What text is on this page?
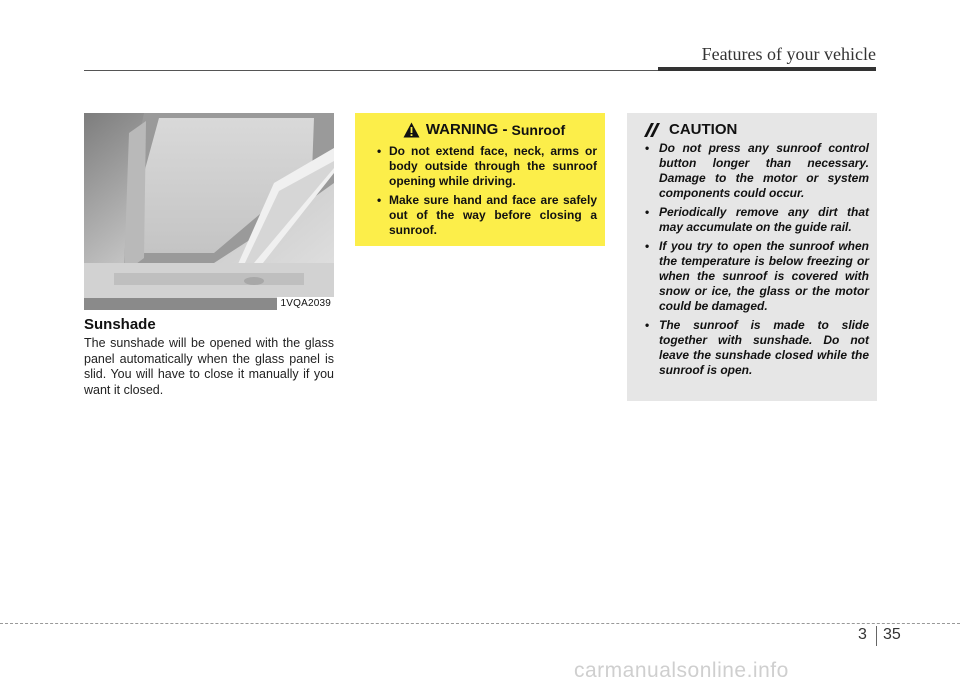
Features of your vehicle
1VQA2039
Sunshade

The sunshade will be opened with the glass panel automatically when the glass panel is slid. You will have to close it manually if you want it closed.

WARNING - Sunroof
• Do not extend face, neck, arms or body outside through the sunroof opening while driving.
• Make sure hand and face are safely out of the way before closing a sunroof.
CAUTION
• Do not press any sunroof control button longer than necessary. Damage to the motor or system components could occur.
• Periodically remove any dirt that may accumulate on the guide rail.
• If you try to open the sunroof when the temperature is below freezing or when the sunroof is covered with snow or ice, the glass or the motor could be damaged.
• The sunroof is made to slide together with sunshade. Do not leave the sunshade closed while the sunroof is open.
3 35
carmanualsonline.info
